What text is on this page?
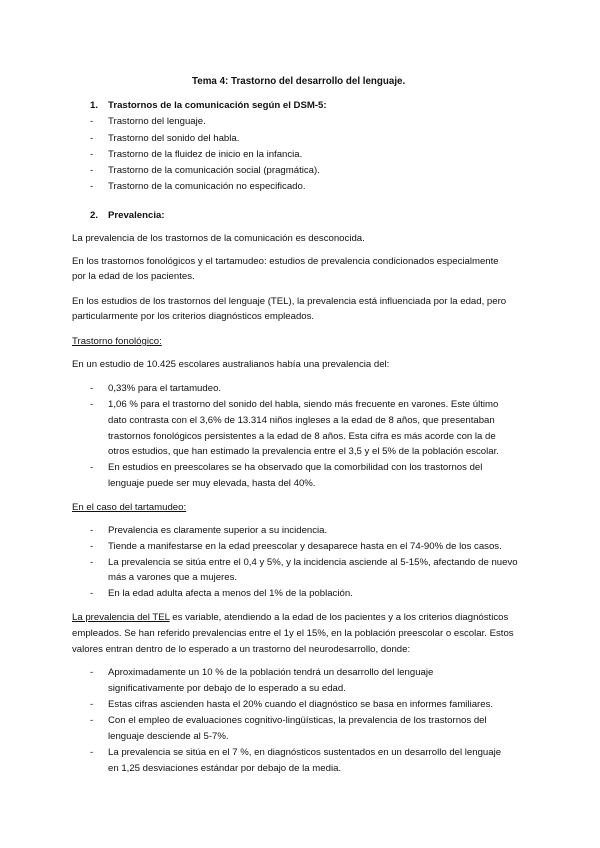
Tema 4: Trastorno del desarrollo del lenguaje.
1. Trastornos de la comunicación según el DSM-5:
- Trastorno del lenguaje.
- Trastorno del sonido del habla.
- Trastorno de la fluidez de inicio en la infancia.
- Trastorno de la comunicación social (pragmática).
- Trastorno de la comunicación no especificado.
2. Prevalencia:
La prevalencia de los trastornos de la comunicación es desconocida.
En los trastornos fonológicos y el tartamudeo: estudios de prevalencia condicionados especialmente
por la edad de los pacientes.
En los estudios de los trastornos del lenguaje (TEL), la prevalencia está influenciada por la edad, pero
particularmente por los criterios diagnósticos empleados.
Trastorno fonológico:
En un estudio de 10.425 escolares australianos había una prevalencia del:
- 0,33% para el tartamudeo.
- 1,06 % para el trastorno del sonido del habla, siendo más frecuente en varones. Este último
dato contrasta con el 3,6% de 13.314 niños ingleses a la edad de 8 años, que presentaban
trastornos fonológicos persistentes a la edad de 8 años. Esta cifra es más acorde con la de
otros estudios, que han estimado la prevalencia entre el 3,5 y el 5% de la población escolar.
- En estudios en preescolares se ha observado que la comorbilidad con los trastornos del
lenguaje puede ser muy elevada, hasta del 40%.
En el caso del tartamudeo:
- Prevalencia es claramente superior a su incidencia.
- Tiende a manifestarse en la edad preescolar y desaparece hasta en el 74-90% de los casos.
- La prevalencia se sitúa entre el 0,4 y 5%, y la incidencia asciende al 5-15%, afectando de nuevo
más a varones que a mujeres.
- En la edad adulta afecta a menos del 1% de la población.
La prevalencia del TEL es variable, atendiendo a la edad de los pacientes y a los criterios diagnósticos
empleados. Se han referido prevalencias entre el 1y el 15%, en la población preescolar o escolar. Estos
valores entran dentro de lo esperado a un trastorno del neurodesarrollo, donde:
- Aproximadamente un 10 % de la población tendrá un desarrollo del lenguaje
significativamente por debajo de lo esperado a su edad.
- Estas cifras ascienden hasta el 20% cuando el diagnóstico se basa en informes familiares.
- Con el empleo de evaluaciones cognitivo-lingüísticas, la prevalencia de los trastornos del
lenguaje desciende al 5-7%.
- La prevalencia se sitúa en el 7 %, en diagnósticos sustentados en un desarrollo del lenguaje
en 1,25 desviaciones estándar por debajo de la media.
